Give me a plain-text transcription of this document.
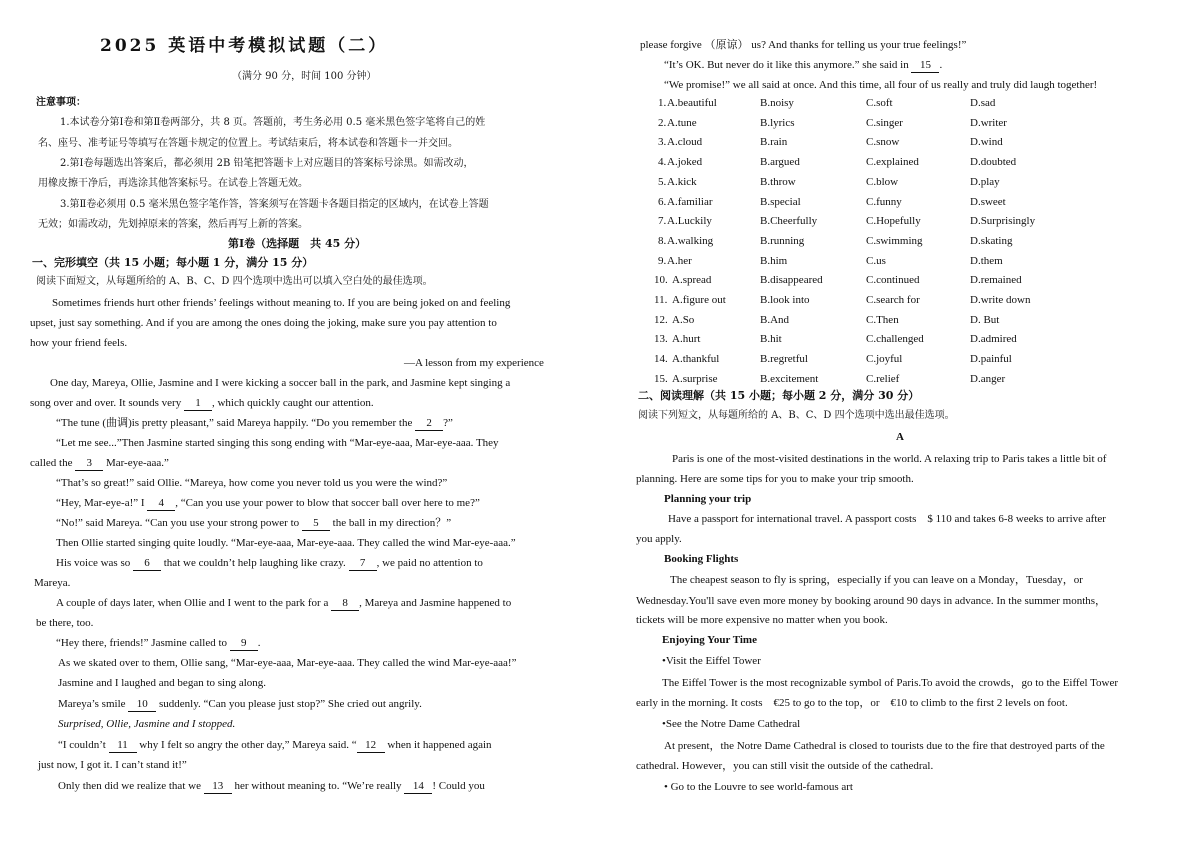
2025 英语中考模拟试题（二）
（满分 90 分，时间 100 分钟）
注意事项：
1.本试卷分第Ⅰ卷和第Ⅱ卷两部分，共 8 页。答题前，考生务必用 0.5 毫米黑色签字笔将自己的姓
名、座号、准考证号等填写在答题卡规定的位置上。考试结束后，将本试卷和答题卡一并交回。
2.第Ⅰ卷每题选出答案后，都必须用 2B 铅笔把答题卡上对应题目的答案标号涂黑。如需改动，
用橡皮擦干净后，再选涂其他答案标号。在试卷上答题无效。
3.第Ⅱ卷必须用 0.5 毫米黑色签字笔作答，答案须写在答题卡各题目指定的区域内，在试卷上答题
无效；如需改动，先划掉原来的答案，然后再写上新的答案。
第Ⅰ卷（选择题　共 45 分）
一、完形填空（共 15 小题；每小题 1 分，满分 15 分）
阅读下面短文，从每题所给的 A、B、C、D 四个选项中选出可以填入空白处的最佳选项。
Sometimes friends hurt other friends’ feelings without meaning to. If you are being joked on and feeling
upset, just say something. And if you are among the ones doing the joking, make sure you pay attention to
how your friend feels.
—A lesson from my experience
One day, Mareya, Ollie, Jasmine and I were kicking a soccer ball in the park, and Jasmine kept singing a
song over and over. It sounds very 1 , which quickly caught our attention.
“The tune (曲调)is pretty pleasant,” said Mareya happily. “Do you remember the 2 ?”
“Let me see...”Then Jasmine started singing this song ending with “Mar-eye-aaa, Mar-eye-aaa. They
called the 3 Mar-eye-aaa.”
“That’s so great!” said Ollie. “Mareya, how come you never told us you were the wind?”
“Hey, Mar-eye-a!” I 4 , “Can you use your power to blow that soccer ball over here to me?”
“No!” said Mareya. “Can you use your strong power to 5 the ball in my direction？”
Then Ollie started singing quite loudly. “Mar-eye-aaa, Mar-eye-aaa. They called the wind Mar-eye-aaa.”
His voice was so 6 that we couldn’t help laughing like crazy. 7 , we paid no attention to
Mareya.
A couple of days later, when Ollie and I went to the park for a 8 , Mareya and Jasmine happened to
be there, too.
“Hey there, friends!” Jasmine called to 9 .
As we skated over to them, Ollie sang, “Mar-eye-aaa, Mar-eye-aaa. They called the wind Mar-eye-aaa!”
Jasmine and I laughed and began to sing along.
Mareya’s smile 10 suddenly. “Can you please just stop?” She cried out angrily.
Surprised, Ollie, Jasmine and I stopped.
“I couldn’t 11 why I felt so angry the other day,” Mareya said. “ 12 when it happened again
just now, I got it. I can’t stand it!”
Only then did we realize that we 13 her without meaning to. “We’re really 14 ! Could you
please forgive （原谅） us? And thanks for telling us your true feelings!”
“It’s OK. But never do it like this anymore.” she said in 15 .
“We promise!” we all said at once. And this time, all four of us really and truly did laugh together!
1. A.beautiful	B.noisy	C.soft	D.sad
2. A.tune	B.lyrics	C.singer	D.writer
3. A.cloud	B.rain	C.snow	D.wind
4. A.joked	B.argued	C.explained	D.doubted
5. A.kick	B.throw	C.blow	D.play
6. A.familiar	B.special	C.funny	D.sweet
7. A.Luckily	B.Cheerfully	C.Hopefully	D.Surprisingly
8. A.walking	B.running	C.swimming	D.skating
9. A.her	B.him	C.us	D.them
10. A.spread	B.disappeared	C.continued	D.remained
11. A.figure out	B.look into	C.search for	D.write down
12. A.So	B.And	C.Then	D. But
13. A.hurt	B.hit	C.challenged	D.admired
14. A.thankful	B.regretful	C.joyful	D.painful
15. A.surprise	B.excitement	C.relief	D.anger
二、阅读理解（共 15 小题；每小题 2 分，满分 30 分）
阅读下列短文，从每题所给的 A、B、C、D 四个选项中选出最佳选项。
A
Paris is one of the most-visited destinations in the world. A relaxing trip to Paris takes a little bit of
planning. Here are some tips for you to make your trip smooth.
Planning your trip
Have a passport for international travel. A passport costs　$ 110 and takes 6-8 weeks to arrive after
you apply.
Booking Flights
The cheapest season to fly is spring，especially if you can leave on a Monday，Tuesday，or
Wednesday.You'll save even more money by booking around 90 days in advance. In the summer months，
tickets will be more expensive no matter when you book.
Enjoying Your Time
•Visit the Eiffel Tower
The Eiffel Tower is the most recognizable symbol of Paris.To avoid the crowds，go to the Eiffel Tower
early in the morning. It costs　€25 to go to the top，or　€10 to climb to the first 2 levels on foot.
•See the Notre Dame Cathedral
At present，the Notre Dame Cathedral is closed to tourists due to the fire that destroyed parts of the
cathedral. However，you can still visit the outside of the cathedral.
• Go to the Louvre to see world-famous art
